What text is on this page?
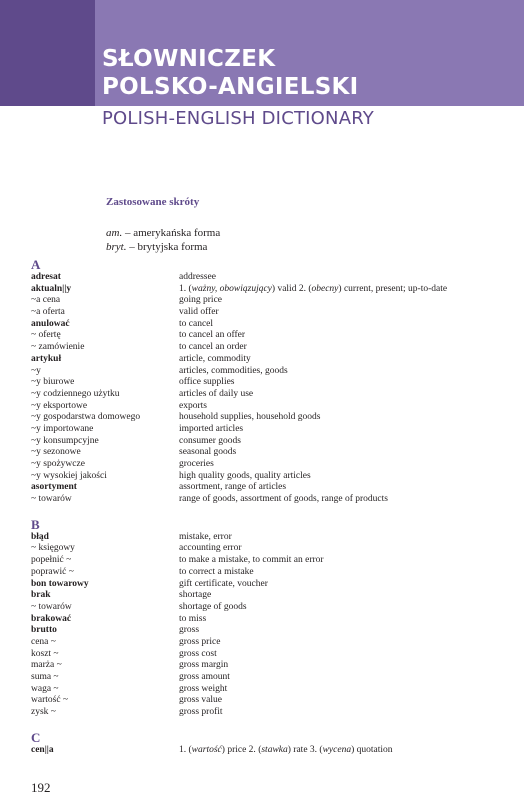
SŁOWNICZEK
POLSKO-ANGIELSKI
POLISH-ENGLISH DICTIONARY
Zastosowane skróty
am. – amerykańska forma
bryt. – brytyjska forma
A
adresat	addressee
aktualn||y	1. (ważny, obowiązujący) valid 2. (obecny) current, present; up-to-date
~a cena	going price
~a oferta	valid offer
anulować	to cancel
~ ofertę	to cancel an offer
~ zamówienie	to cancel an order
artykuł	article, commodity
~y	articles, commodities, goods
~y biurowe	office supplies
~y codziennego użytku	articles of daily use
~y eksportowe	exports
~y gospodarstwa domowego	household supplies, household goods
~y importowane	imported articles
~y konsumpcyjne	consumer goods
~y sezonowe	seasonal goods
~y spożywcze	groceries
~y wysokiej jakości	high quality goods, quality articles
asortyment	assortment, range of articles
~ towarów	range of goods, assortment of goods, range of products
B
błąd	mistake, error
~ księgowy	accounting error
popełnić ~	to make a mistake, to commit an error
poprawić ~	to correct a mistake
bon towarowy	gift certificate, voucher
brak	shortage
~ towarów	shortage of goods
brakować	to miss
brutto	gross
cena ~	gross price
koszt ~	gross cost
marża ~	gross margin
suma ~	gross amount
waga ~	gross weight
wartość ~	gross value
zysk ~	gross profit
C
cen||a	1. (wartość) price 2. (stawka) rate 3. (wycena) quotation
192
